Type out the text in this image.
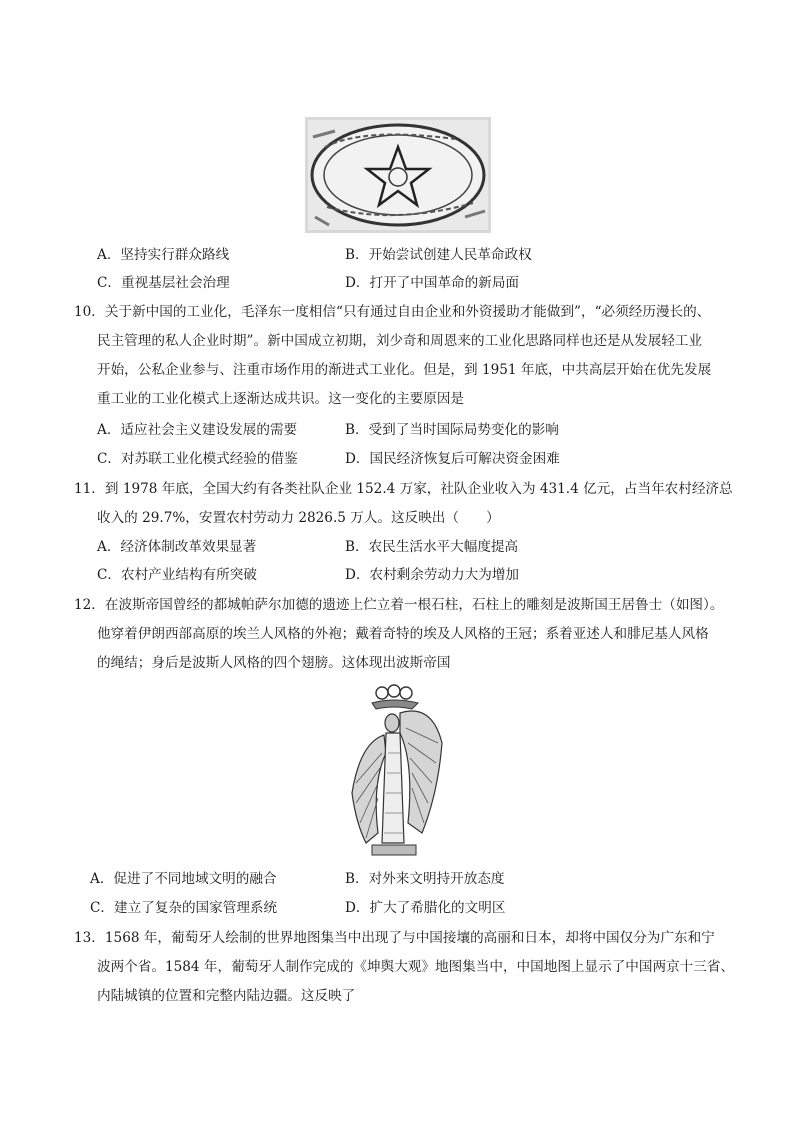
A．坚持实行群众路线	B．开始尝试创建人民革命政权
C．重视基层社会治理	D．打开了中国革命的新局面
10．关于新中国的工业化，毛泽东一度相信“只有通过自由企业和外资援助才能做到”，“必须经历漫长的、
民主管理的私人企业时期”。新中国成立初期，刘少奇和周恩来的工业化思路同样也还是从发展轻工业
开始，公私企业参与、注重市场作用的渐进式工业化。但是，到 1951 年底，中共高层开始在优先发展
重工业的工业化模式上逐渐达成共识。这一变化的主要原因是
A．适应社会主义建设发展的需要	B．受到了当时国际局势变化的影响
C．对苏联工业化模式经验的借鉴	D．国民经济恢复后可解决资金困难
11．到 1978 年底，全国大约有各类社队企业 152.4 万家，社队企业收入为 431.4 亿元，占当年农村经济总
收入的 29.7%，安置农村劳动力 2826.5 万人。这反映出（　　）
A．经济体制改革效果显著	B．农民生活水平大幅度提高
C．农村产业结构有所突破	D．农村剩余劳动力大为增加
12．在波斯帝国曾经的都城帕萨尔加德的遗迹上伫立着一根石柱，石柱上的雕刻是波斯国王居鲁士（如图）。
他穿着伊朗西部高原的埃兰人风格的外袍；戴着奇特的埃及人风格的王冠；系着亚述人和腓尼基人风格
的绳结；身后是波斯人风格的四个翅膀。这体现出波斯帝国
A．促进了不同地域文明的融合	B．对外来文明持开放态度
C．建立了复杂的国家管理系统	D．扩大了希腊化的文明区
13．1568 年，葡萄牙人绘制的世界地图集当中出现了与中国接壤的高丽和日本，却将中国仅分为广东和宁
波两个省。1584 年，葡萄牙人制作完成的《坤舆大观》地图集当中，中国地图上显示了中国两京十三省、
内陆城镇的位置和完整内陆边疆。这反映了
